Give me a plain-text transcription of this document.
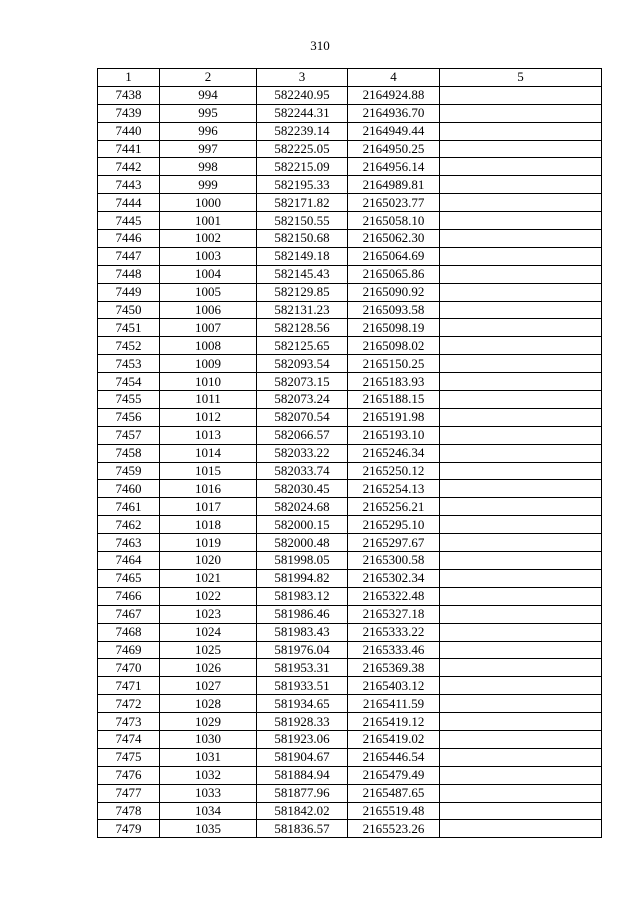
310
1	2	3	4	5
7438	994	582240.95	2164924.88	
7439	995	582244.31	2164936.70	
7440	996	582239.14	2164949.44	
7441	997	582225.05	2164950.25	
7442	998	582215.09	2164956.14	
7443	999	582195.33	2164989.81	
7444	1000	582171.82	2165023.77	
7445	1001	582150.55	2165058.10	
7446	1002	582150.68	2165062.30	
7447	1003	582149.18	2165064.69	
7448	1004	582145.43	2165065.86	
7449	1005	582129.85	2165090.92	
7450	1006	582131.23	2165093.58	
7451	1007	582128.56	2165098.19	
7452	1008	582125.65	2165098.02	
7453	1009	582093.54	2165150.25	
7454	1010	582073.15	2165183.93	
7455	1011	582073.24	2165188.15	
7456	1012	582070.54	2165191.98	
7457	1013	582066.57	2165193.10	
7458	1014	582033.22	2165246.34	
7459	1015	582033.74	2165250.12	
7460	1016	582030.45	2165254.13	
7461	1017	582024.68	2165256.21	
7462	1018	582000.15	2165295.10	
7463	1019	582000.48	2165297.67	
7464	1020	581998.05	2165300.58	
7465	1021	581994.82	2165302.34	
7466	1022	581983.12	2165322.48	
7467	1023	581986.46	2165327.18	
7468	1024	581983.43	2165333.22	
7469	1025	581976.04	2165333.46	
7470	1026	581953.31	2165369.38	
7471	1027	581933.51	2165403.12	
7472	1028	581934.65	2165411.59	
7473	1029	581928.33	2165419.12	
7474	1030	581923.06	2165419.02	
7475	1031	581904.67	2165446.54	
7476	1032	581884.94	2165479.49	
7477	1033	581877.96	2165487.65	
7478	1034	581842.02	2165519.48	
7479	1035	581836.57	2165523.26	
